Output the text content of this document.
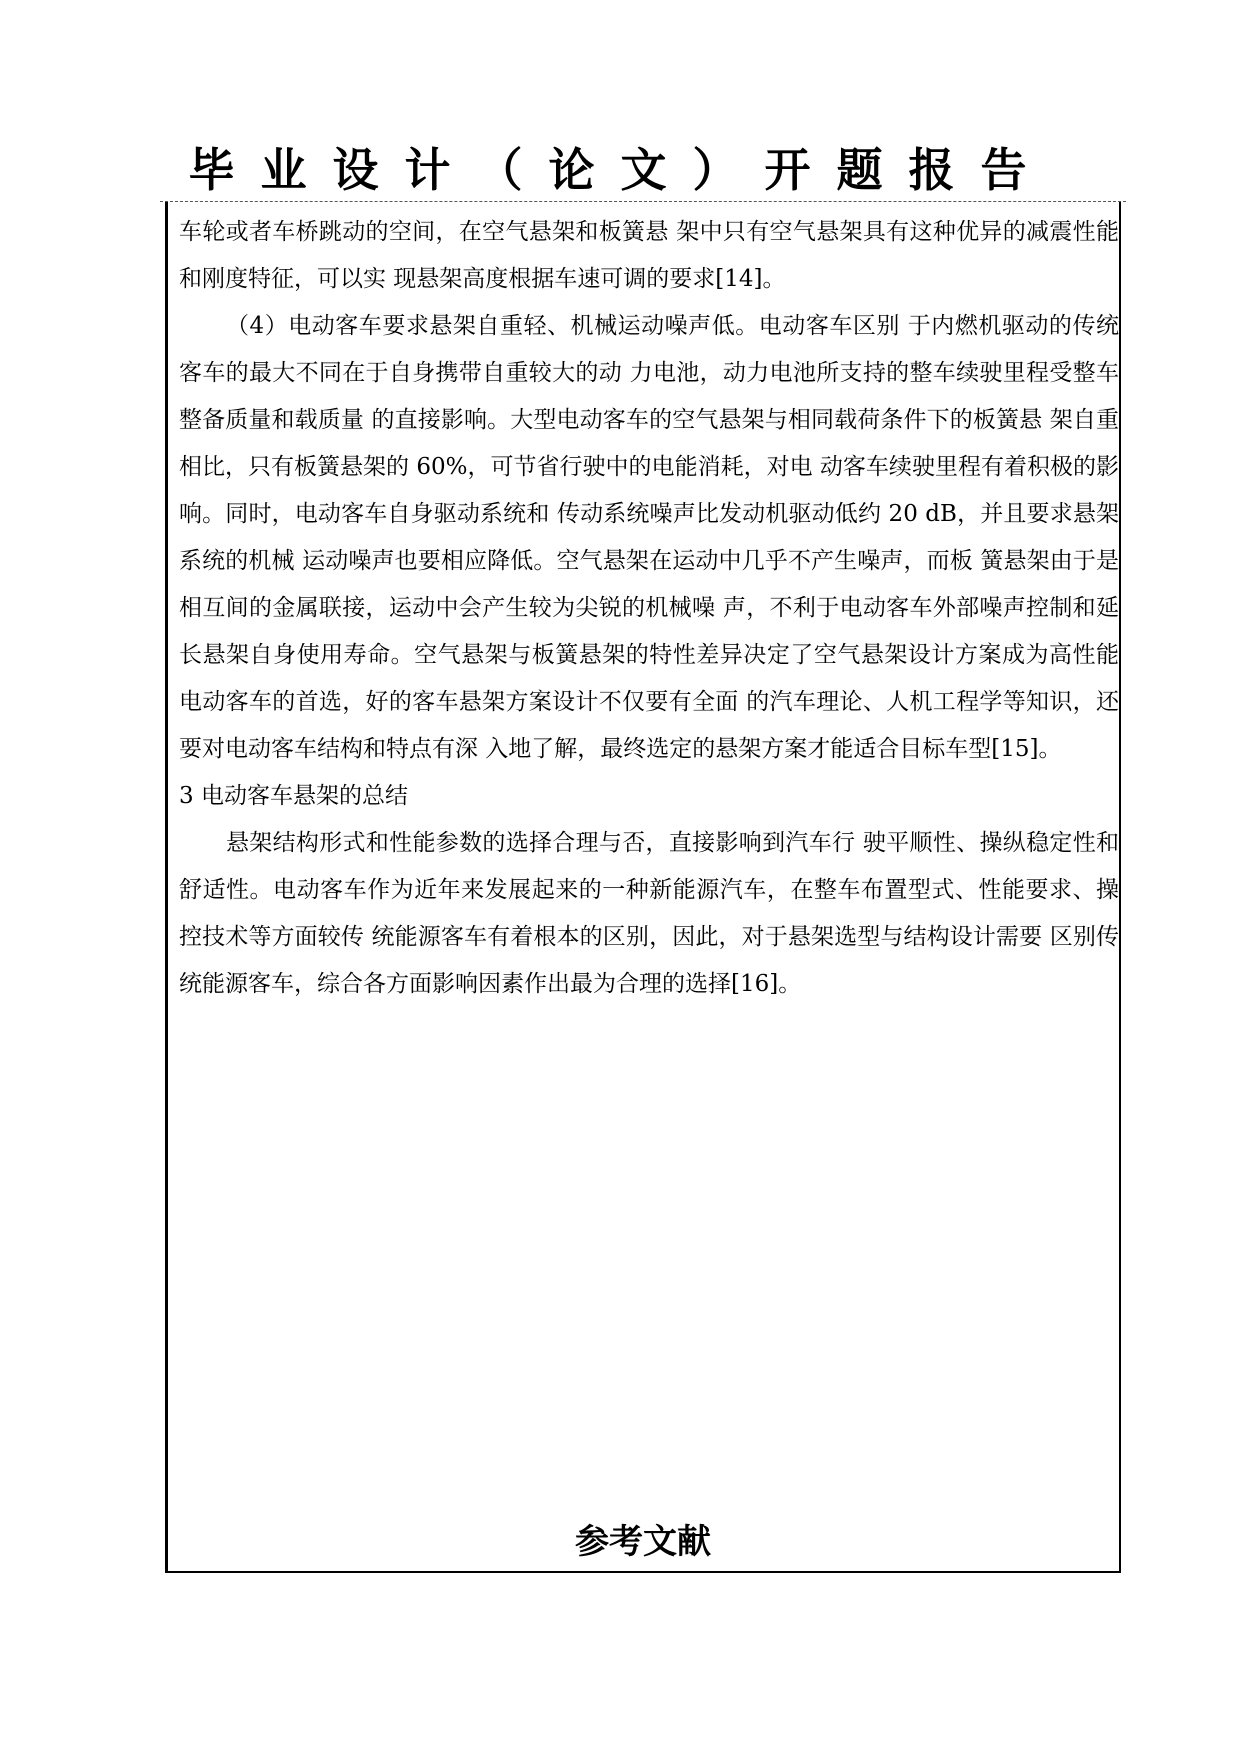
毕业设计（论文）开题报告

车轮或者车桥跳动的空间，在空气悬架和板簧悬 架中只有空气悬架具有这种优异的减震性能和刚度特征，可以实 现悬架高度根据车速可调的要求[14]。

（4）电动客车要求悬架自重轻、机械运动噪声低。电动客车区别 于内燃机驱动的传统客车的最大不同在于自身携带自重较大的动 力电池，动力电池所支持的整车续驶里程受整车整备质量和载质量 的直接影响。大型电动客车的空气悬架与相同载荷条件下的板簧悬 架自重相比，只有板簧悬架的 60%，可节省行驶中的电能消耗，对电 动客车续驶里程有着积极的影响。同时，电动客车自身驱动系统和 传动系统噪声比发动机驱动低约 20 dB，并且要求悬架系统的机械 运动噪声也要相应降低。空气悬架在运动中几乎不产生噪声，而板 簧悬架由于是相互间的金属联接，运动中会产生较为尖锐的机械噪 声，不利于电动客车外部噪声控制和延长悬架自身使用寿命。空气悬架与板簧悬架的特性差异决定了空气悬架设计方案成为高性能电动客车的首选，好的客车悬架方案设计不仅要有全面 的汽车理论、人机工程学等知识，还要对电动客车结构和特点有深 入地了解，最终选定的悬架方案才能适合目标车型[15]。

3 电动客车悬架的总结

悬架结构形式和性能参数的选择合理与否，直接影响到汽车行 驶平顺性、操纵稳定性和舒适性。电动客车作为近年来发展起来的一种新能源汽车，在整车布置型式、性能要求、操控技术等方面较传 统能源客车有着根本的区别，因此，对于悬架选型与结构设计需要 区别传统能源客车，综合各方面影响因素作出最为合理的选择[16]。

参考文献
